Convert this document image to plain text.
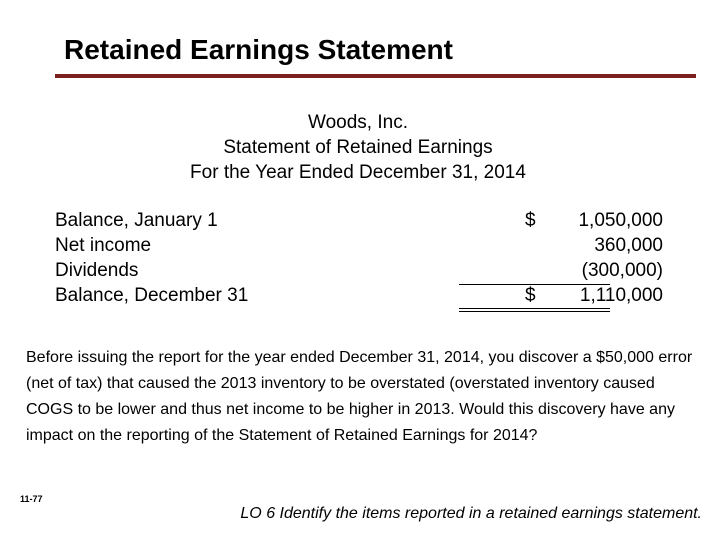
Retained Earnings Statement
Woods, Inc.
Statement of Retained Earnings
For the Year Ended December 31, 2014
Balance, January 1	$ 1,050,000
Net income	360,000
Dividends	(300,000)
Balance, December 31	$ 1,110,000
Before issuing the report for the year ended December 31, 2014, you discover a $50,000 error (net of tax) that caused the 2013 inventory to be overstated (overstated inventory caused COGS to be lower and thus net income to be higher in 2013. Would this discovery have any impact on the reporting of the Statement of Retained Earnings for 2014?
11-77
LO 6 Identify the items reported in a retained earnings statement.
